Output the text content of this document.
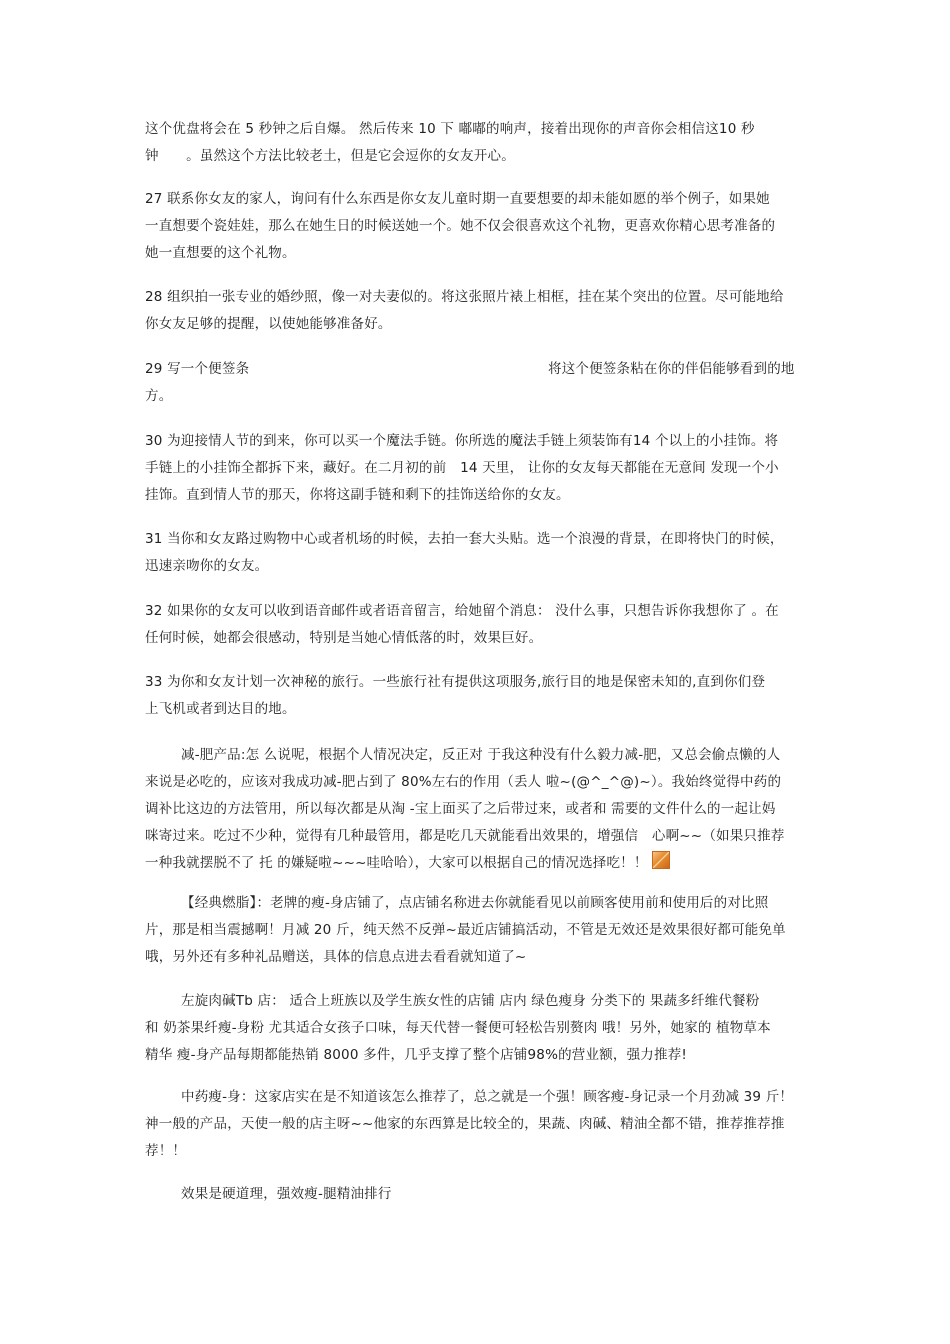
这个优盘将会在 5 秒钟之后自爆。 然后传来 10 下 嘟嘟的响声，接着出现你的声音你会相信这10 秒
钟　　。虽然这个方法比较老土，但是它会逗你的女友开心。
27 联系你女友的家人，询问有什么东西是你女友儿童时期一直要想要的却未能如愿的举个例子，如果她
一直想要个瓷娃娃，那么在她生日的时候送她一个。她不仅会很喜欢这个礼物，更喜欢你精心思考准备的
她一直想要的这个礼物。
28 组织拍一张专业的婚纱照，像一对夫妻似的。将这张照片裱上相框，挂在某个突出的位置。尽可能地给
你女友足够的提醒，以使她能够准备好。
29 写一个便签条	将这个便签条粘在你的伴侣能够看到的地
方。
30 为迎接情人节的到来，你可以买一个魔法手链。你所选的魔法手链上须装饰有14 个以上的小挂饰。将
手链上的小挂饰全都拆下来，藏好。在二月初的前　14 天里， 让你的女友每天都能在无意间 发现一个小
挂饰。直到情人节的那天，你将这副手链和剩下的挂饰送给你的女友。
31 当你和女友路过购物中心或者机场的时候，去拍一套大头贴。选一个浪漫的背景，在即将快门的时候，
迅速亲吻你的女友。
32 如果你的女友可以收到语音邮件或者语音留言，给她留个消息： 没什么事，只想告诉你我想你了 。在
任何时候，她都会很感动，特别是当她心情低落的时，效果巨好。
33 为你和女友计划一次神秘的旅行。一些旅行社有提供这项服务,旅行目的地是保密未知的,直到你们登
上飞机或者到达目的地。
减-肥产品:怎 么说呢，根据个人情况决定，反正对 于我这种没有什么毅力减-肥，又总会偷点懒的人
来说是必吃的，应该对我成功减-肥占到了 80%左右的作用（丢人 啦~(@^_^@)~）。我始终觉得中药的
调补比这边的方法管用，所以每次都是从淘 -宝上面买了之后带过来，或者和 需要的文件什么的一起让妈
咪寄过来。吃过不少种，觉得有几种最管用，都是吃几天就能看出效果的，增强信　心啊~~（如果只推荐
一种我就摆脱不了 托 的嫌疑啦~~~哇哈哈），大家可以根据自己的情况选择吃！！
【经典燃脂】：老牌的瘦-身店铺了，点店铺名称进去你就能看见以前顾客使用前和使用后的对比照
片，那是相当震撼啊！月减 20 斤，纯天然不反弹~最近店铺搞活动，不管是无效还是效果很好都可能免单
哦，另外还有多种礼品赠送，具体的信息点进去看看就知道了~
左旋肉碱Tb 店： 适合上班族以及学生族女性的店铺 店内 绿色瘦身 分类下的 果蔬多纤维代餐粉
和 奶茶果纤瘦-身粉 尤其适合女孩子口味，每天代替一餐便可轻松告别赘肉 哦！另外，她家的 植物草本
精华 瘦-身产品每期都能热销 8000 多件，几乎支撑了整个店铺98%的营业额，强力推荐!
中药瘦-身：这家店实在是不知道该怎么推荐了，总之就是一个强！顾客瘦-身记录一个月劲减 39 斤！
神一般的产品，天使一般的店主呀~~他家的东西算是比较全的，果蔬、肉碱、精油全都不错，推荐推荐推
荐！！
效果是硬道理，强效瘦-腿精油排行
